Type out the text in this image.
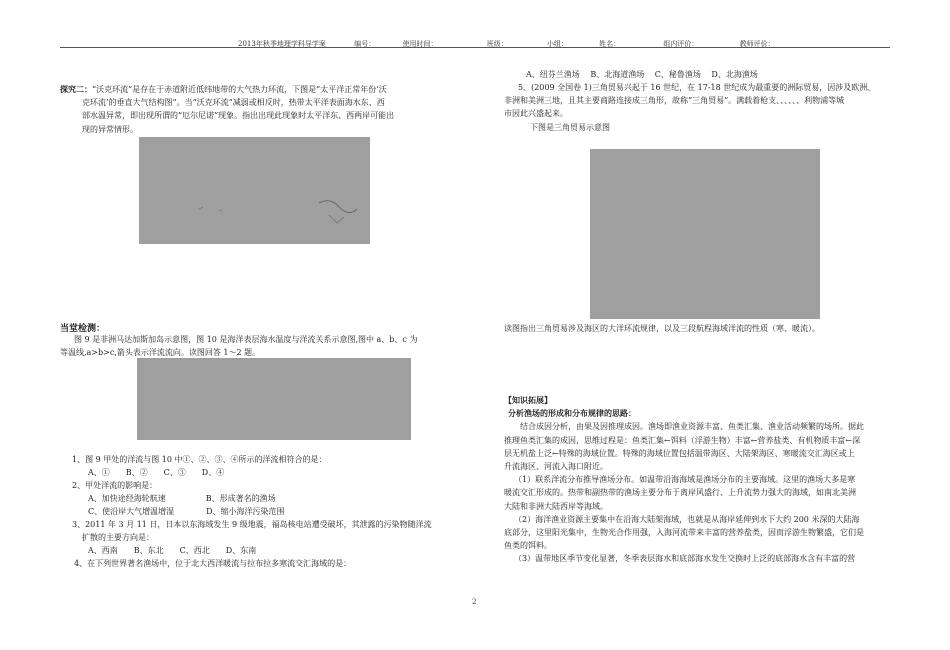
2013年秋季地理学科导学案	编号：	使用时间：	班级：	小组：	姓名：	组内评价：	教师评价：
探究二：“沃克环流”是存在于赤道附近低纬地带的大气热力环流，下图是”太平洋正常年份‘沃
克环流’的垂直大气结构图”。当“沃克环流”减弱或相反时，热带太平洋表面海水东、西
部水温异常，即出现所谓的“厄尔尼诺”现象。指出出现此现象时太平洋东、西两岸可能出
现的异常情形。
当堂检测：
图 9 是非洲马达加斯加岛示意图，图 10 是海洋表层海水温度与洋流关系示意图,图中 a、b、c 为
等温线,a>b>c,箭头表示洋流流向。读图回答 1～2 题。
1、图 9 甲处的洋流与图 10 中①、②、③、④所示的洋流相符合的是：
A、①　　B、②　　C、③　　D、④
2、甲处洋流的影响是：
A、加快途经海轮航速　　　　　B、形成著名的渔场
C、使沿岸大气增温增湿　　　　D、缩小海洋污染范围
3、2011 年 3 月 11 日，日本以东海域发生 9 级地震，福岛核电站遭受破坏，其泄露的污染物随洋流
扩散的主要方向是：
A、西南　　B、东北　　C、西北　　D、东南
4、在下列世界著名渔场中，位于北大西洋暖流与拉布拉多寒流交汇海域的是：
A、纽芬兰渔场　 B、北海道渔场　 C、秘鲁渔场　 D、北海渔场
5、(2009 全国卷 1)三角贸易兴起于 16 世纪，在 17-18 世纪成为最重要的洲际贸易，因涉及欧洲、
非洲和美洲三地，且其主要商路连接成三角形，故称“三角贸易”。满载着枪支、、、、、、利物浦等城
市因此兴盛起来。
下图是三角贸易示意图
读图指出三角贸易涉及海区的大洋环流规律，以及三段航程海域洋流的性质（寒、暖流）。
【知识拓展】
分析渔场的形成和分布规律的思路：
结合成因分析，由果及因推理成因。渔场即渔业资源丰富、鱼类汇集、渔业活动频繁的场所。据此
推理鱼类汇集的成因，思维过程是：鱼类汇集←饵料（浮游生物）丰富←营养盐类、有机物质丰富←深
层无机盐上泛←特殊的海域位置。特殊的海域位置包括温带海区、大陆架海区、寒暖流交汇海区或上
升流海区、河流入海口附近。
（1）联系洋流分布推导渔场分布。如温带沿海海域是渔场分布的主要海域。这里的渔场大多是寒
暖流交汇形成的。热带和副热带的渔场主要分布于离岸风盛行、上升流势力强大的海域，如南北美洲
大陆和非洲大陆西岸等海域。
（2）海洋渔业资源主要集中在沿海大陆架海域，也就是从海岸延伸到水下大约 200 米深的大陆海
底部分，这里阳光集中，生物光合作用强，入海河流带来丰富的营养盐类，因而浮游生物繁盛，它们是
鱼类的饵料。
（3）温带地区季节变化显著，冬季表层海水和底部海水发生交换时上泛的底部海水含有丰富的营
2
